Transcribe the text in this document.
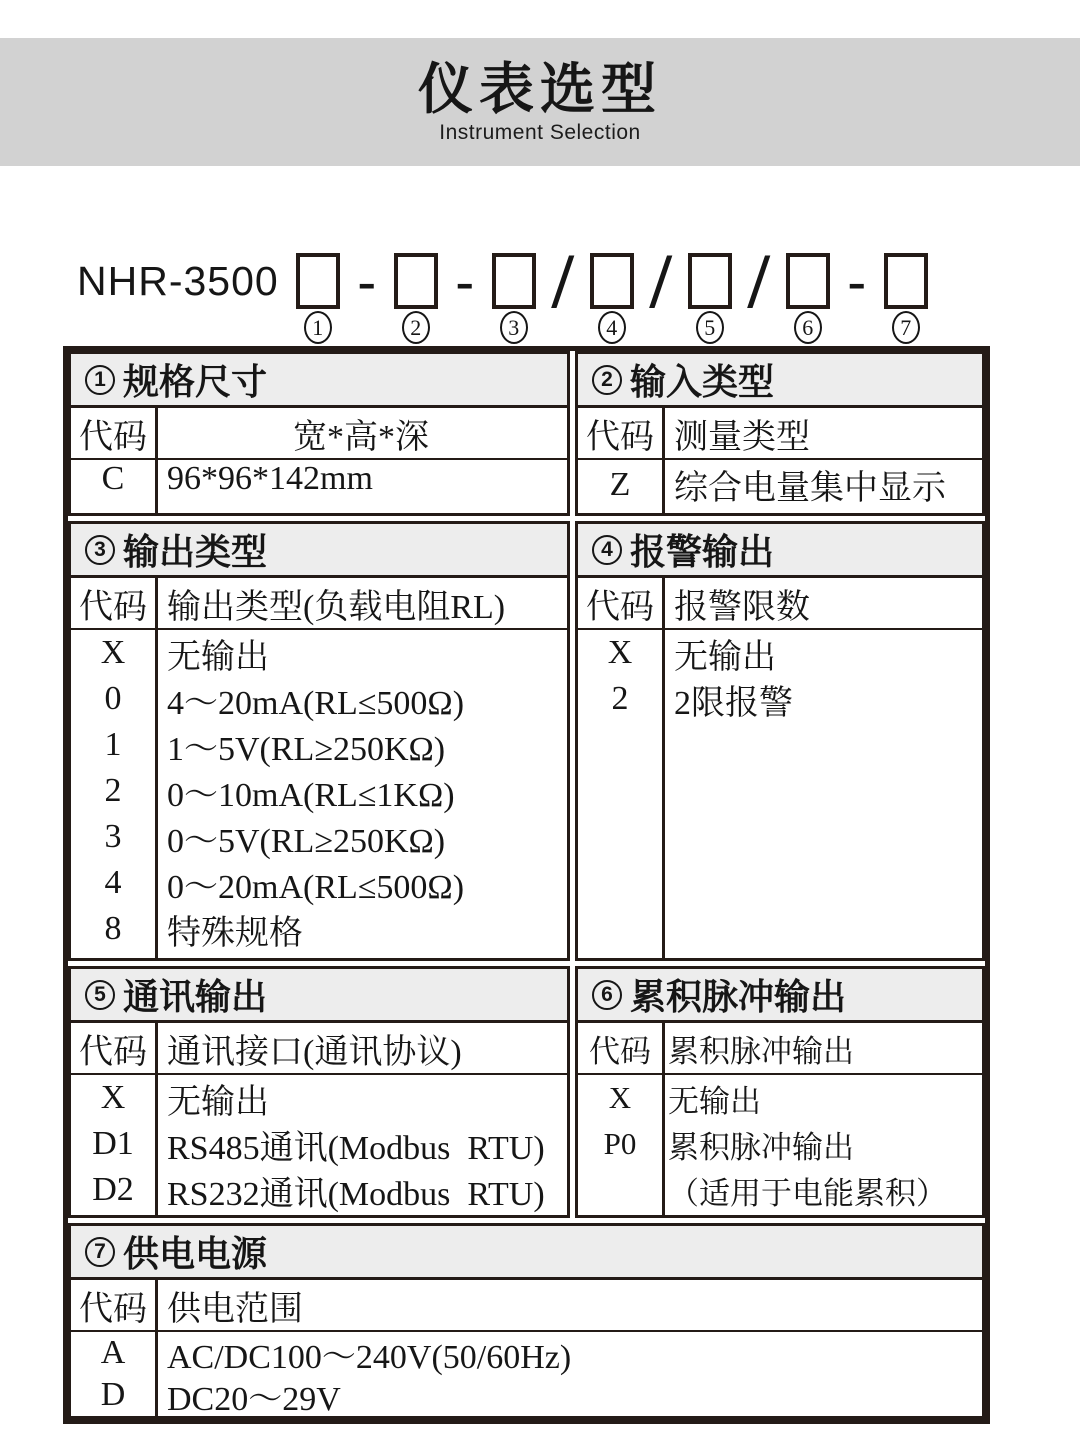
仪表选型
Instrument Selection
NHR-3500
1
-
2
-
3
/
4
/
5
/
6
-
7
1 规格尺寸
代码	宽*高*深
C	96*96*142mm
2 输入类型
代码 测量类型
Z	综合电量集中显示
3 输出类型
代码 输出类型(负载电阻RL)
X	无输出
0	4～20mA(RL≤500Ω)
1	1～5V(RL≥250KΩ)
2	0～10mA(RL≤1KΩ)
3	0～5V(RL≥250KΩ)
4	0～20mA(RL≤500Ω)
8	特殊规格
4 报警输出
代码 报警限数
X	无输出
2	2限报警
5 通讯输出
代码 通讯接口(通讯协议)
X	无输出
D1 RS485通讯(Modbus  RTU)
D2 RS232通讯(Modbus  RTU)
6 累积脉冲输出
代码 累积脉冲输出
X	无输出
P0	累积脉冲输出
（适用于电能累积）
7 供电电源
代码 供电范围
A	AC/DC100～240V(50/60Hz)
D	DC20～29V
